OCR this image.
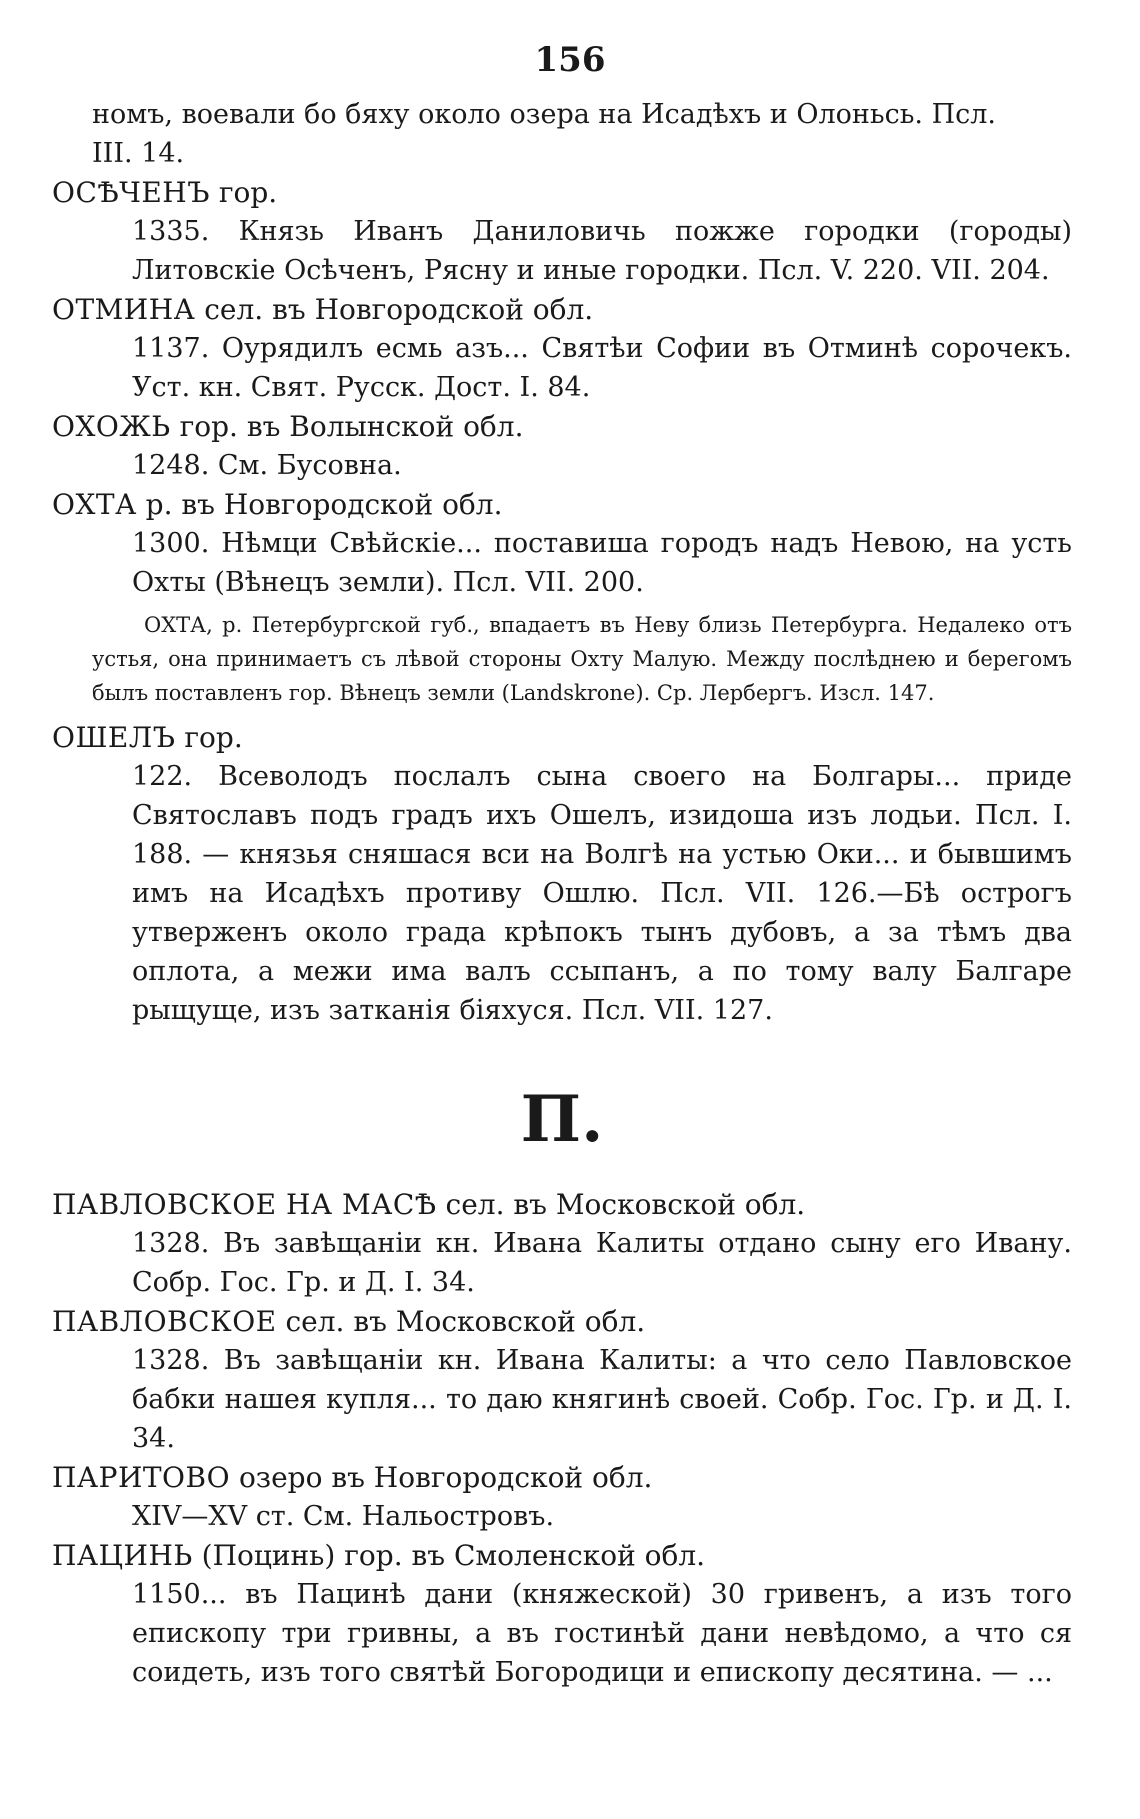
156

номъ, воевали бо бяху около озера на Исадѣхъ и Олоньсь. Псл.

III. 14.

ОСѢЧЕНЪ гор.

1335. Князь Иванъ Даниловичь пожже городки (городы) Литовскіе Осѣченъ, Рясну и иные городки. Псл. V. 220. VII. 204.

ОТМИНА сел. въ Новгородской обл.

1137. Оурядилъ есмь азъ... Святѣи Софии въ Отминѣ сорочекъ. Уст. кн. Свят. Русск. Дост. І. 84.

ОХОЖЬ гор. въ Волынской обл.

1248. См. Бусовна.

ОХТА р. въ Новгородской обл.

1300. Нѣмци Свѣйскіе... поставиша городъ надъ Невою, на усть Охты (Вѣнецъ земли). Псл. VII. 200.

ОХТА, р. Петербургской губ., впадаетъ въ Неву близь Петербурга. Недалеко отъ устья, она принимаетъ съ лѣвой стороны Охту Малую. Между послѣднею и берегомъ былъ поставленъ гор. Вѣнецъ земли (Landskrone). Ср. Лербергъ. Изсл. 147.

ОШЕЛЪ гор.

122. Всеволодъ послалъ сына своего на Болгары... приде Святославъ подъ градъ ихъ Ошелъ, изидоша изъ лодьи. Псл. I. 188. — князья сняшася вси на Волгѣ на устью Оки... и бывшимъ имъ на Исадѣхъ противу Ошлю. Псл. VII. 126.—Бѣ острогъ утверженъ около града крѣпокъ тынъ дубовъ, а за тѣмъ два оплота, а межи има валъ ссыпанъ, а по тому валу Балгаре рыщуще, изъ затканія біяхуся. Псл. VII. 127.

П.

ПАВЛОВСКОЕ НА МАСѢ сел. въ Московской обл.

1328. Въ завѣщаніи кн. Ивана Калиты отдано сыну его Ивану. Собр. Гос. Гр. и Д. I. 34.

ПАВЛОВСКОЕ сел. въ Московской обл.

1328. Въ завѣщаніи кн. Ивана Калиты: а что село Павловское бабки нашея купля... то даю княгинѣ своей. Собр. Гос. Гр. и Д. І. 34.

ПАРИТОВО озеро въ Новгородской обл.

XIV—XV ст. См. Нальостровъ.

ПАЦИНЬ (Поцинь) гор. въ Смоленской обл.

1150... въ Пацинѣ дани (княжеской) 30 гривенъ, а изъ того епископу три гривны, а въ гостинѣй дани невѣдомо, а что ся соидеть, изъ того святѣй Богородици и епископу десятина. — ...
